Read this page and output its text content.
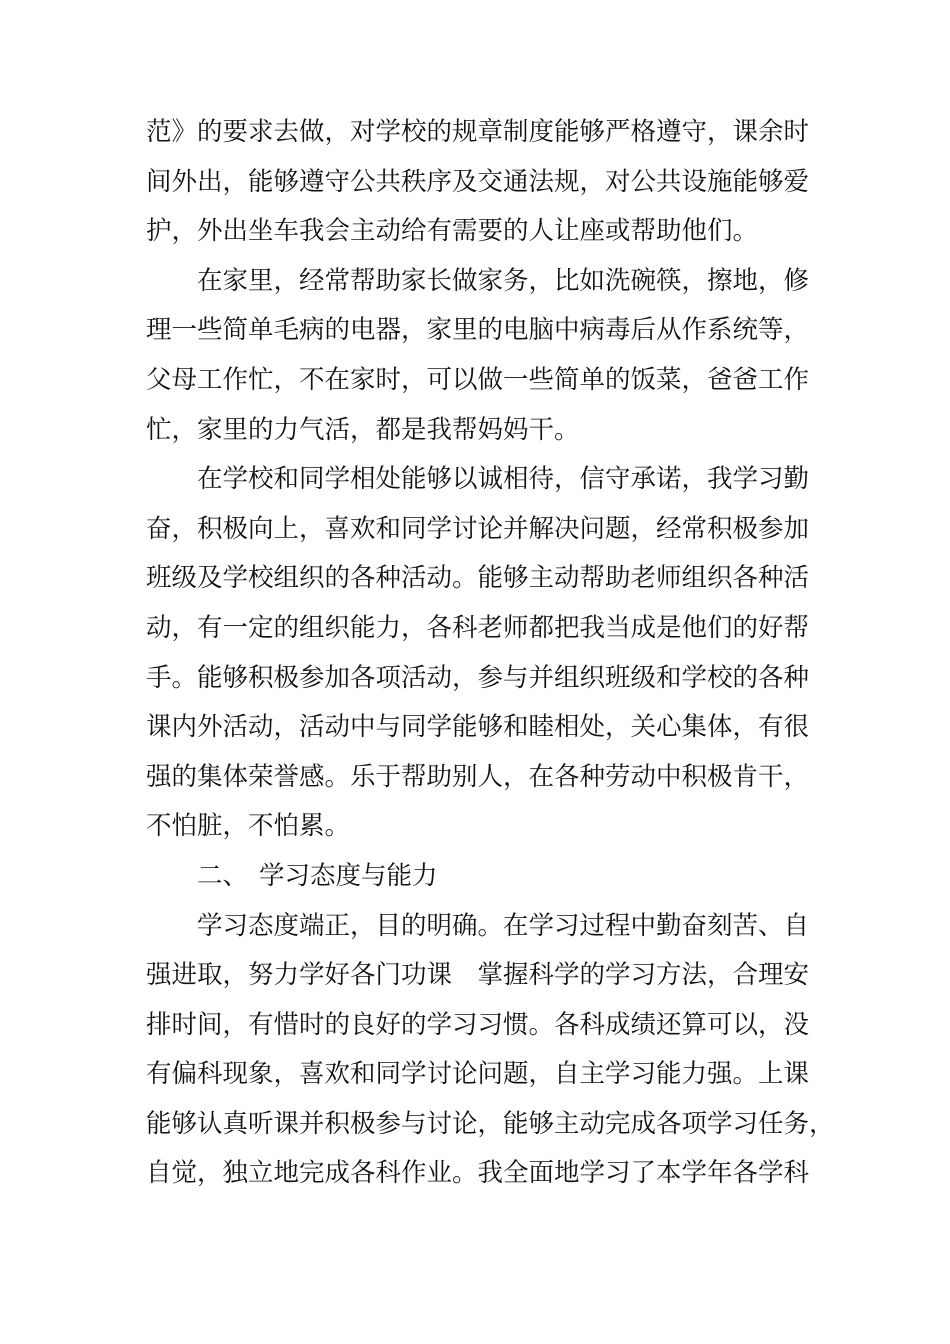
范》的要求去做，对学校的规章制度能够严格遵守，课余时
间外出，能够遵守公共秩序及交通法规，对公共设施能够爱
护，外出坐车我会主动给有需要的人让座或帮助他们。

在家里，经常帮助家长做家务，比如洗碗筷，擦地，修
理一些简单毛病的电器，家里的电脑中病毒后从作系统等，
父母工作忙，不在家时，可以做一些简单的饭菜，爸爸工作
忙，家里的力气活，都是我帮妈妈干。

在学校和同学相处能够以诚相待，信守承诺，我学习勤
奋，积极向上，喜欢和同学讨论并解决问题，经常积极参加
班级及学校组织的各种活动。能够主动帮助老师组织各种活
动，有一定的组织能力，各科老师都把我当成是他们的好帮
手。能够积极参加各项活动，参与并组织班级和学校的各种
课内外活动，活动中与同学能够和睦相处，关心集体，有很
强的集体荣誉感。乐于帮助别人，在各种劳动中积极肯干，
不怕脏，不怕累。

二、 学习态度与能力

学习态度端正，目的明确。在学习过程中勤奋刻苦、自
强进取，努力学好各门功课　掌握科学的学习方法，合理安
排时间，有惜时的良好的学习习惯。各科成绩还算可以，没
有偏科现象，喜欢和同学讨论问题，自主学习能力强。上课
能够认真听课并积极参与讨论，能够主动完成各项学习任务，
自觉，独立地完成各科作业。我全面地学习了本学年各学科
